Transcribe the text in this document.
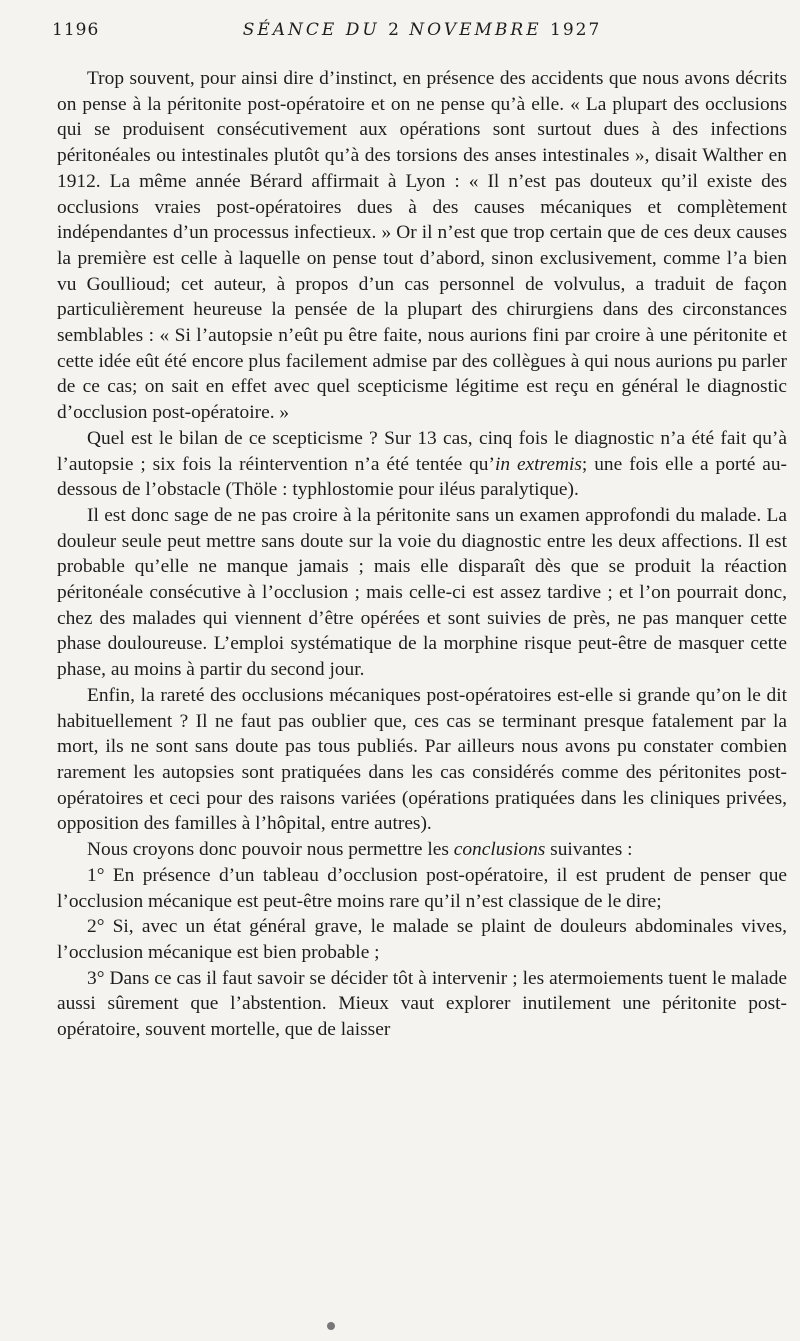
1196	SÉANCE DU 2 NOVEMBRE 1927

Trop souvent, pour ainsi dire d’instinct, en présence des accidents que nous avons décrits on pense à la péritonite post-opératoire et on ne pense qu’à elle. « La plupart des occlusions qui se produisent consécutivement aux opérations sont surtout dues à des infections péritonéales ou intestinales plutôt qu’à des torsions des anses intestinales », disait Walther en 1912. La même année Bérard affirmait à Lyon : « Il n’est pas douteux qu’il existe des occlusions vraies post-opératoires dues à des causes mécaniques et complètement indépendantes d’un processus infectieux. » Or il n’est que trop certain que de ces deux causes la première est celle à laquelle on pense tout d’abord, sinon exclusivement, comme l’a bien vu Goullioud; cet auteur, à propos d’un cas personnel de volvulus, a traduit de façon particulièrement heureuse la pensée de la plupart des chirurgiens dans des circonstances semblables : « Si l’autopsie n’eût pu être faite, nous aurions fini par croire à une péritonite et cette idée eût été encore plus facilement admise par des collègues à qui nous aurions pu parler de ce cas; on sait en effet avec quel scepticisme légitime est reçu en général le diagnostic d’occlusion post-opératoire. »

Quel est le bilan de ce scepticisme ? Sur 13 cas, cinq fois le diagnostic n’a été fait qu’à l’autopsie ; six fois la réintervention n’a été tentée qu’in extremis; une fois elle a porté au-dessous de l’obstacle (Thöle : typhlostomie pour iléus paralytique).

Il est donc sage de ne pas croire à la péritonite sans un examen approfondi du malade. La douleur seule peut mettre sans doute sur la voie du diagnostic entre les deux affections. Il est probable qu’elle ne manque jamais ; mais elle disparaît dès que se produit la réaction péritonéale consécutive à l’occlusion ; mais celle-ci est assez tardive ; et l’on pourrait donc, chez des malades qui viennent d’être opérées et sont suivies de près, ne pas manquer cette phase douloureuse. L’emploi systématique de la morphine risque peut-être de masquer cette phase, au moins à partir du second jour.

Enfin, la rareté des occlusions mécaniques post-opératoires est-elle si grande qu’on le dit habituellement ? Il ne faut pas oublier que, ces cas se terminant presque fatalement par la mort, ils ne sont sans doute pas tous publiés. Par ailleurs nous avons pu constater combien rarement les autopsies sont pratiquées dans les cas considérés comme des péritonites post-opératoires et ceci pour des raisons variées (opérations pratiquées dans les cliniques privées, opposition des familles à l’hôpital, entre autres).

Nous croyons donc pouvoir nous permettre les conclusions suivantes :

1° En présence d’un tableau d’occlusion post-opératoire, il est prudent de penser que l’occlusion mécanique est peut-être moins rare qu’il n’est classique de le dire;

2° Si, avec un état général grave, le malade se plaint de douleurs abdominales vives, l’occlusion mécanique est bien probable ;

3° Dans ce cas il faut savoir se décider tôt à intervenir ; les atermoiements tuent le malade aussi sûrement que l’abstention. Mieux vaut explorer inutilement une péritonite post-opératoire, souvent mortelle, que de laisser
